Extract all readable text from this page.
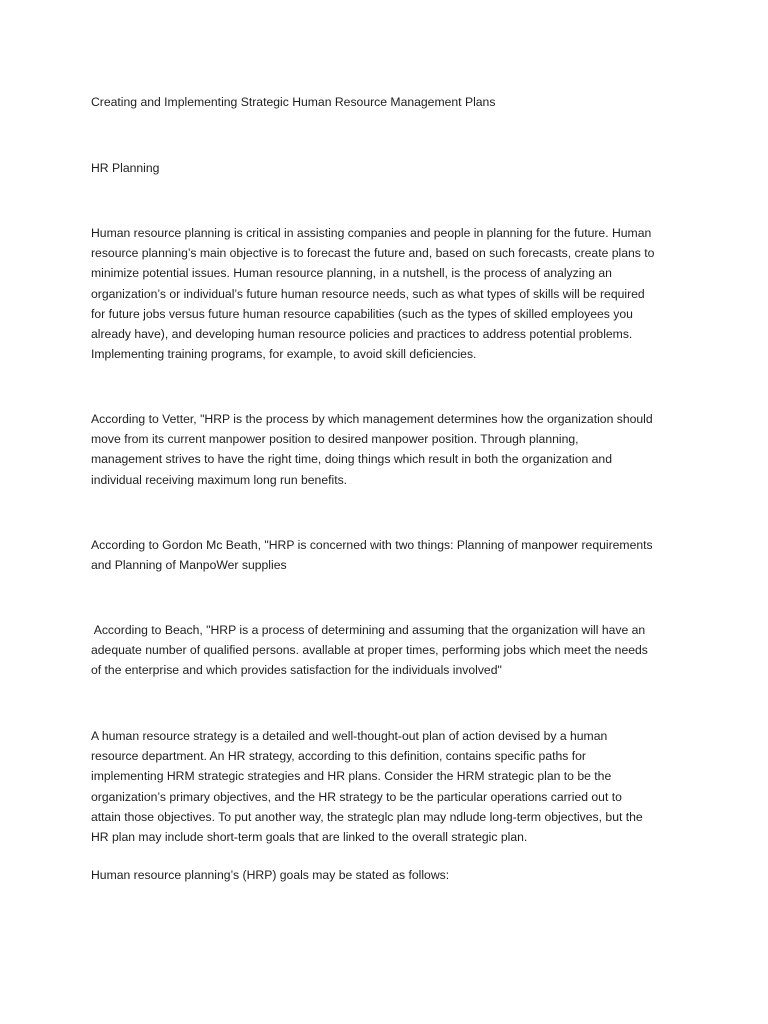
Creating and Implementing Strategic Human Resource Management Plans

HR Planning

Human resource planning is critical in assisting companies and people in planning for the future. Human
resource planning’s main objective is to forecast the future and, based on such forecasts, create plans to
minimize potential issues. Human resource planning, in a nutshell, is the process of analyzing an
organization’s or individual’s future human resource needs, such as what types of skills will be required
for future jobs versus future human resource capabilities (such as the types of skilled employees you
already have), and developing human resource policies and practices to address potential problems.
Implementing training programs, for example, to avoid skill deficiencies.

According to Vetter, "HRP is the process by which management determines how the organization should
move from its current manpower position to desired manpower position. Through planning,
management strives to have the right time, doing things which result in both the organization and
individual receiving maximum long run benefits.

According to Gordon Mc Beath, "HRP is concerned with two things: Planning of manpower requirements
and Planning of ManpoWer supplies

According to Beach, "HRP is a process of determining and assuming that the organization will have an
adequate number of qualified persons. avallable at proper times, performing jobs which meet the needs
of the enterprise and which provides satisfaction for the individuals involved"

A human resource strategy is a detailed and well-thought-out plan of action devised by a human
resource department. An HR strategy, according to this definition, contains specific paths for
implementing HRM strategic strategies and HR plans. Consider the HRM strategic plan to be the
organization’s primary objectives, and the HR strategy to be the particular operations carried out to
attain those objectives. To put another way, the strateglc plan may ndlude long-term objectives, but the
HR plan may include short-term goals that are linked to the overall strategic plan.

Human resource planning’s (HRP) goals may be stated as follows:
